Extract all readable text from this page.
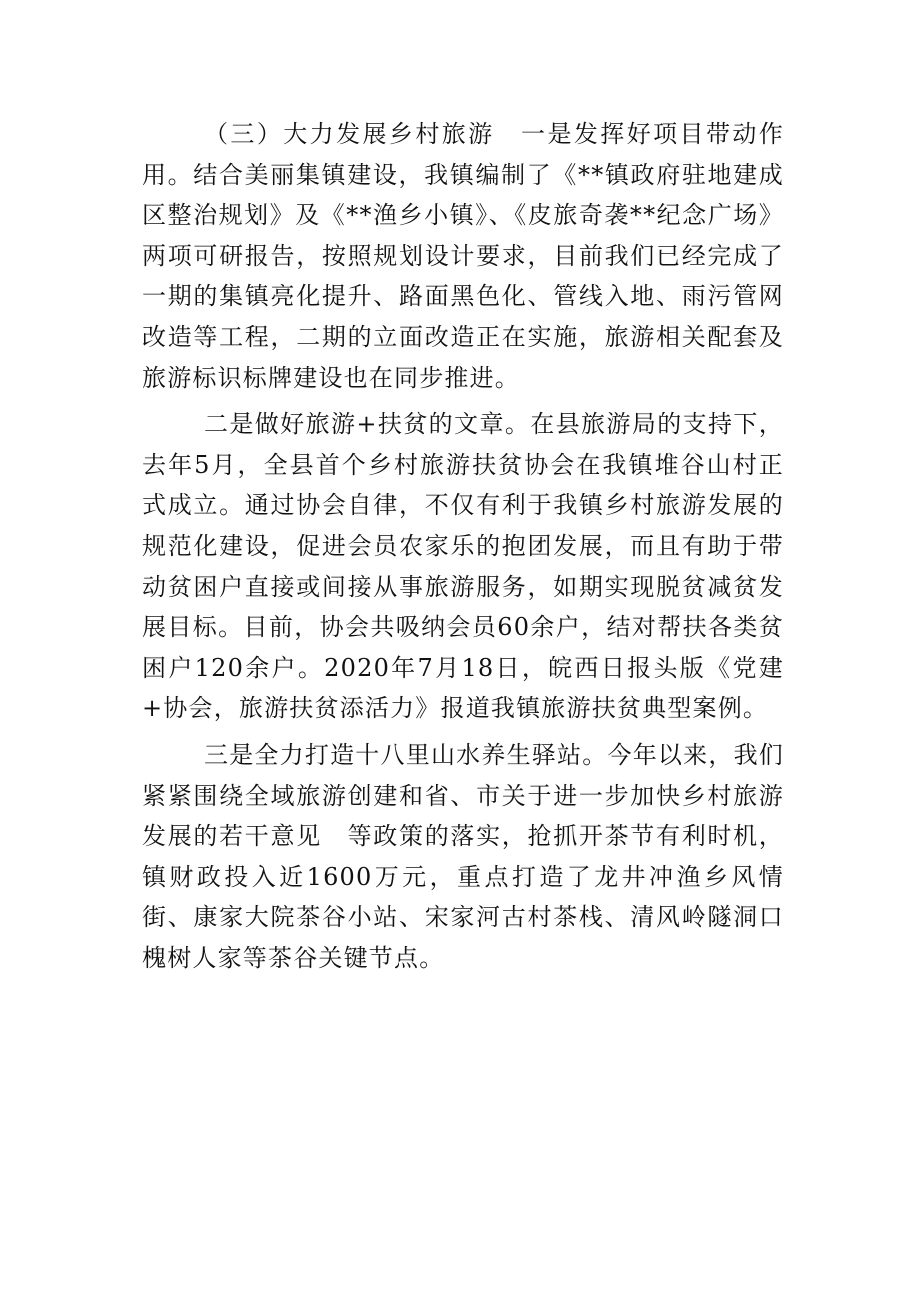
（三）大力发展乡村旅游　 一是发挥好项目带动作用。结合美丽集镇建设，我镇编制了《**镇政府驻地建成区整治规划》及《**渔乡小镇》、《皮旅奇袭**纪念广场》两项可研报告，按照规划设计要求，目前我们已经完成了一期的集镇亮化提升、路面黑色化、管线入地、雨污管网改造等工程，二期的立面改造正在实施，旅游相关配套及旅游标识标牌建设也在同步推进。

二是做好旅游+扶贫的文章。在县旅游局的支持下，去年5月，全县首个乡村旅游扶贫协会在我镇堆谷山村正式成立。通过协会自律，不仅有利于我镇乡村旅游发展的规范化建设，促进会员农家乐的抱团发展，而且有助于带动贫困户直接或间接从事旅游服务，如期实现脱贫减贫发展目标。目前，协会共吸纳会员60余户，结对帮扶各类贫困户120余户。2020年7月18日，皖西日报头版《党建+协会，旅游扶贫添活力》报道我镇旅游扶贫典型案例。

三是全力打造十八里山水养生驿站。今年以来，我们紧紧围绕全域旅游创建和省、市关于进一步加快乡村旅游发展的若干意见　等政策的落实，抢抓开茶节有利时机，镇财政投入近1600万元，重点打造了龙井冲渔乡风情街、康家大院茶谷小站、宋家河古村茶栈、清风岭隧洞口槐树人家等茶谷关键节点。
